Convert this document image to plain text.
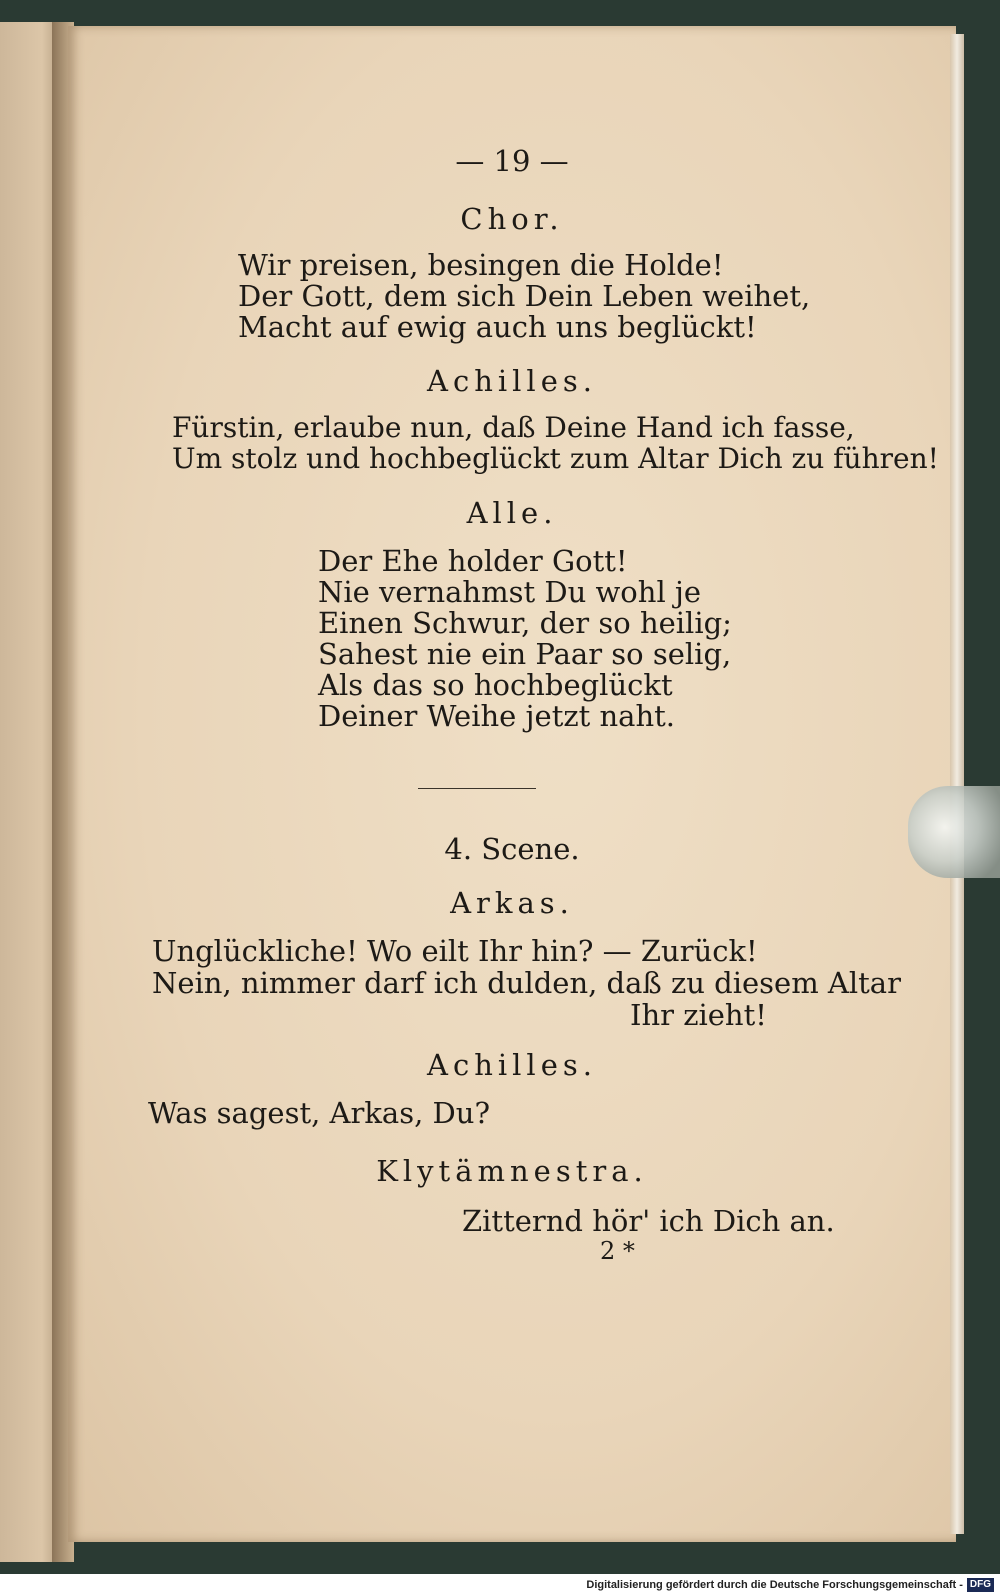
— 19 —
Chor.
Wir preisen, besingen die Holde!
Der Gott, dem sich Dein Leben weihet,
Macht auf ewig auch uns beglückt!
Achilles.
Fürstin, erlaube nun, daß Deine Hand ich fasse,
Um stolz und hochbeglückt zum Altar Dich zu führen!
Alle.
Der Ehe holder Gott!
Nie vernahmst Du wohl je
Einen Schwur, der so heilig;
Sahest nie ein Paar so selig,
Als das so hochbeglückt
Deiner Weihe jetzt naht.
4. Scene.
Arkas.
Unglückliche! Wo eilt Ihr hin? — Zurück!
Nein, nimmer darf ich dulden, daß zu diesem Altar
Ihr zieht!
Achilles.
Was sagest, Arkas, Du?
Klytämnestra.
Zitternd hör' ich Dich an.
2 *
Digitalisierung gefördert durch die Deutsche Forschungsgemeinschaft - DFG
